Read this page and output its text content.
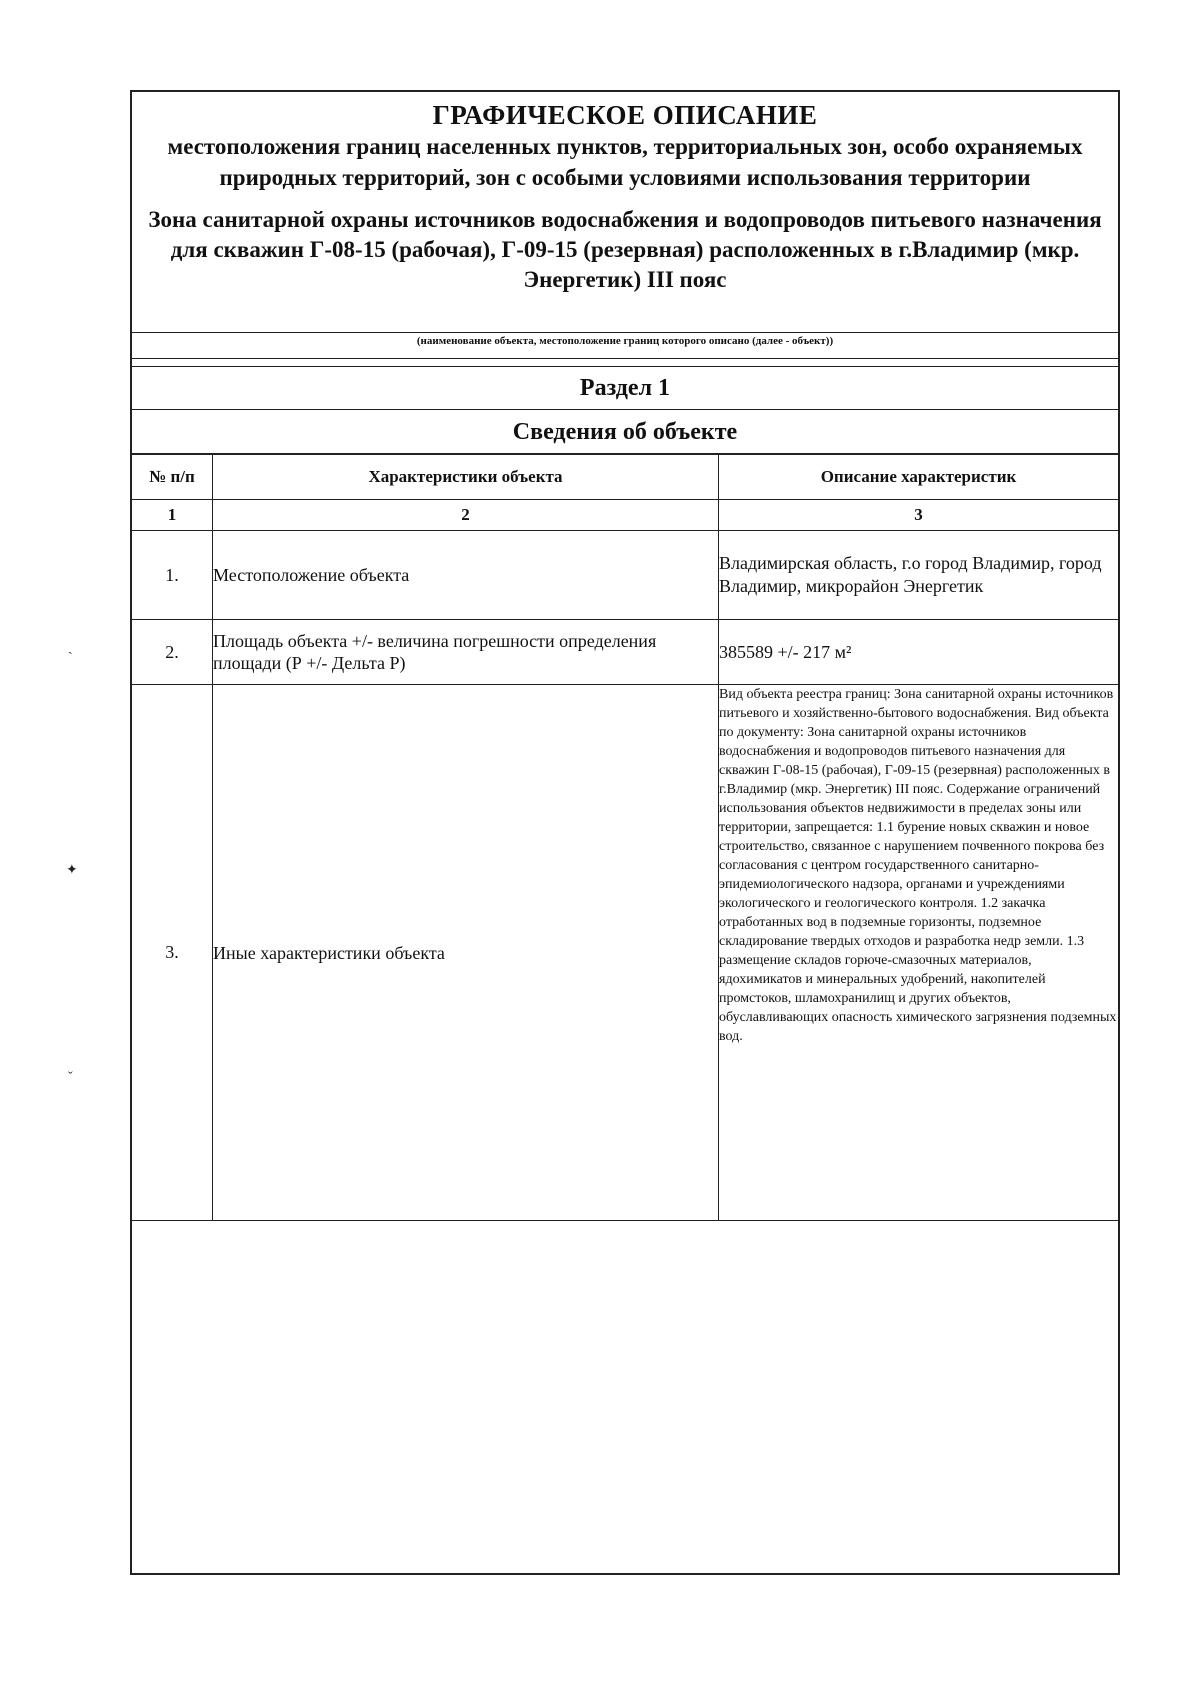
ˎ
✦
ˇ
ГРАФИЧЕСКОЕ ОПИСАНИЕ
местоположения границ населенных пунктов, территориальных зон, особо охраняемых природных территорий, зон с особыми условиями использования территории
Зона санитарной охраны источников водоснабжения и водопроводов питьевого назначения для скважин Г-08-15 (рабочая), Г-09-15 (резервная) расположенных в г.Владимир (мкр. Энергетик) III пояс
(наименование объекта, местоположение границ которого описано (далее - объект))
Раздел 1
Сведения об объекте
№ п/п	Характеристики объекта	Описание характеристик
1	2	3
1.	Местоположение объекта	Владимирская область, г.о город Владимир, город Владимир, микрорайон Энергетик
2.	Площадь объекта +/- величина погрешности определения площади (Р +/- Дельта Р)	385589 +/- 217 м²
3.	Иные характеристики объекта	Вид объекта реестра границ: Зона санитарной охраны источников питьевого и хозяйственно-бытового водоснабжения. Вид объекта по документу: Зона санитарной охраны источников водоснабжения и водопроводов питьевого назначения для скважин Г-08-15 (рабочая), Г-09-15 (резервная) расположенных в г.Владимир (мкр. Энергетик) III пояс. Содержание ограничений использования объектов недвижимости в пределах зоны или территории, запрещается: 1.1 бурение новых скважин и новое строительство, связанное с нарушением почвенного покрова без согласования с центром государственного санитарно-эпидемиологического надзора, органами и учреждениями экологического и геологического контроля. 1.2 закачка отработанных вод в подземные горизонты, подземное складирование твердых отходов и разработка недр земли. 1.3 размещение складов горюче-смазочных материалов, ядохимикатов и минеральных удобрений, накопителей промстоков, шламохранилищ и других объектов, обуславливающих опасность химического загрязнения подземных вод.
